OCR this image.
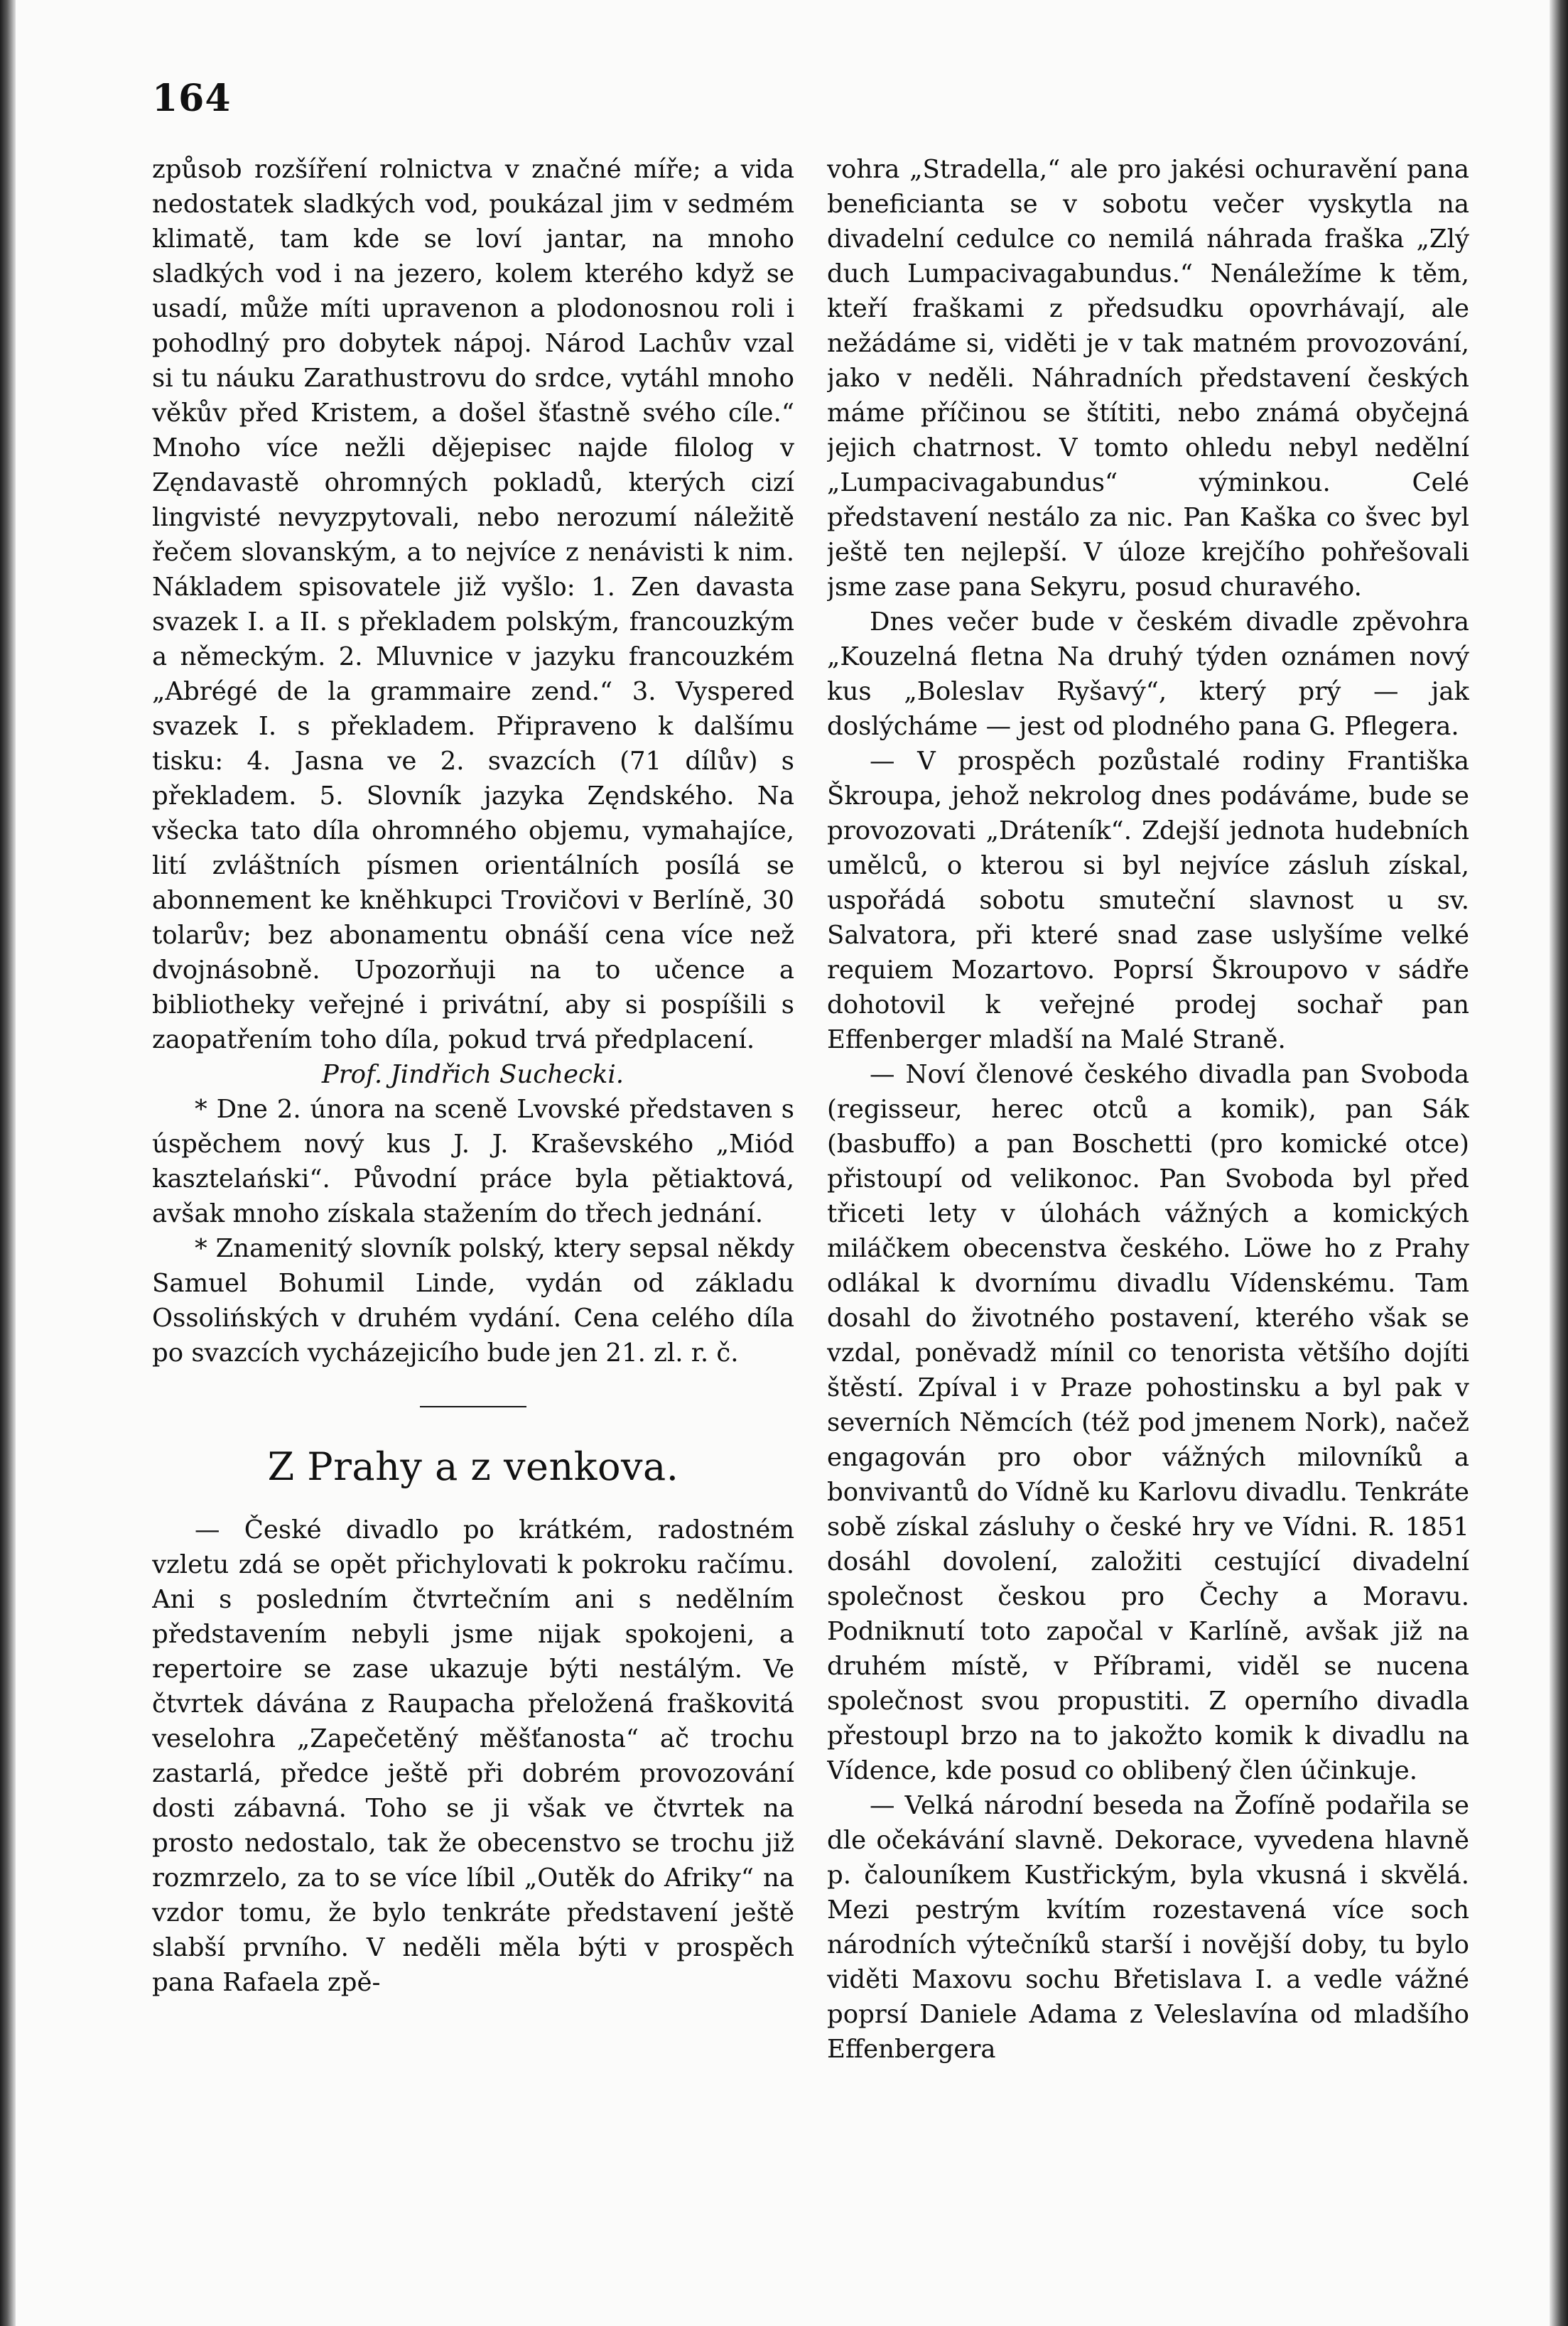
164

způsob rozšíření rolnictva v značné míře; a vida nedostatek sladkých vod, poukázal jim v sedmém klimatě, tam kde se loví jantar, na mnoho sladkých vod i na jezero, kolem kterého když se usadí, může míti upravenon a plodonosnou roli i pohodlný pro dobytek nápoj. Národ Lachův vzal si tu náuku Zarathustrovu do srdce, vytáhl mnoho věkův před Kristem, a došel šťastně svého cíle.“ Mnoho více nežli dějepisec najde filolog v Zęndavastě ohromných pokladů, kterých cizí lingvisté nevyzpytovali, nebo nerozumí náležitě řečem slovanským, a to nejvíce z nenávisti k nim. Nákladem spisovatele již vyšlo: 1. Zen davasta svazek I. a II. s překladem polským, francouzkým a německým. 2. Mluvnice v jazyku francouzkém „Abrégé de la grammaire zend.“ 3. Vyspered svazek I. s překladem. Připraveno k dalšímu tisku: 4. Jasna ve 2. svazcích (71 dílův) s překladem. 5. Slovník jazyka Zęndského. Na všecka tato díla ohromného objemu, vymahajíce, lití zvláštních písmen orientálních posílá se abonnement ke kněhkupci Trovičovi v Berlíně, 30 tolarův; bez abonamentu obnáší cena více než dvojnásobně. Upozorňuji na to učence a bibliotheky veřejné i privátní, aby si pospíšili s zaopatřením toho díla, pokud trvá předplacení.

Prof. Jindřich Suchecki.

* Dne 2. února na sceně Lvovské představen s úspěchem nový kus J. J. Kraševského „Miód kasztelański“. Původní práce byla pětiaktová, avšak mnoho získala stažením do třech jednání.

* Znamenitý slovník polský, ktery sepsal někdy Samuel Bohumil Linde, vydán od základu Ossolińských v druhém vydání. Cena celého díla po svazcích vycházejicího bude jen 21. zl. r. č.

Z Prahy a z venkova.

— České divadlo po krátkém, radostném vzletu zdá se opět přichylovati k pokroku račímu. Ani s posledním čtvrtečním ani s nedělním představením nebyli jsme nijak spokojeni, a repertoire se zase ukazuje býti nestálým. Ve čtvrtek dávána z Raupacha přeložená fraškovitá veselohra „Zapečetěný měšťanosta“ ač trochu zastarlá, předce ještě při dobrém provozování dosti zábavná. Toho se ji však ve čtvrtek na prosto nedostalo, tak že obecenstvo se trochu již rozmrzelo, za to se více líbil „Outěk do Afriky“ na vzdor tomu, že bylo tenkráte představení ještě slabší prvního. V neděli měla býti v prospěch pana Rafaela zpě-

vohra „Stradella,“ ale pro jakési ochuravění pana beneficianta se v sobotu večer vyskytla na divadelní cedulce co nemilá náhrada fraška „Zlý duch Lumpacivagabundus.“ Nenáležíme k těm, kteří fraškami z předsudku opovrhávají, ale nežádáme si, viděti je v tak matném provozování, jako v neděli. Náhradních představení českých máme příčinou se štítiti, nebo známá obyčejná jejich chatrnost. V tomto ohledu nebyl nedělní „Lumpacivagabundus“ výminkou. Celé představení nestálo za nic. Pan Kaška co švec byl ještě ten nejlepší. V úloze krejčího pohřešovali jsme zase pana Sekyru, posud churavého.

Dnes večer bude v českém divadle zpěvohra „Kouzelná fletna Na druhý týden oznámen nový kus „Boleslav Ryšavý“, který prý — jak doslýcháme — jest od plodného pana G. Pflegera.

— V prospěch pozůstalé rodiny Františka Škroupa, jehož nekrolog dnes podáváme, bude se provozovati „Dráteník“. Zdejší jednota hudebních umělců, o kterou si byl nejvíce zásluh získal, uspořádá sobotu smuteční slavnost u sv. Salvatora, při které snad zase uslyšíme velké requiem Mozartovo. Poprsí Škroupovo v sádře dohotovil k veřejné prodej sochař pan Effenberger mladší na Malé Straně.

— Noví členové českého divadla pan Svoboda (regisseur, herec otců a komik), pan Sák (basbuffo) a pan Boschetti (pro komické otce) přistoupí od velikonoc. Pan Svoboda byl před třiceti lety v úlohách vážných a komických miláčkem obecenstva českého. Löwe ho z Prahy odlákal k dvornímu divadlu Vídenskému. Tam dosahl do životného postavení, kterého však se vzdal, poněvadž mínil co tenorista většího dojíti štěstí. Zpíval i v Praze pohostinsku a byl pak v severních Němcích (též pod jmenem Nork), načež engagován pro obor vážných milovníků a bonvivantů do Vídně ku Karlovu divadlu. Tenkráte sobě získal zásluhy o české hry ve Vídni. R. 1851 dosáhl dovolení, založiti cestující divadelní společnost českou pro Čechy a Moravu. Podniknutí toto započal v Karlíně, avšak již na druhém místě, v Příbrami, viděl se nucena společnost svou propustiti. Z operního divadla přestoupl brzo na to jakožto komik k divadlu na Vídence, kde posud co oblibený člen účinkuje.

— Velká národní beseda na Žofíně podařila se dle očekávání slavně. Dekorace, vyvedena hlavně p. čalouníkem Kustřickým, byla vkusná i skvělá. Mezi pestrým kvítím rozestavená více soch národních výtečníků starší i novější doby, tu bylo viděti Maxovu sochu Břetislava I. a vedle vážné poprsí Daniele Adama z Veleslavína od mladšího Effenbergera
